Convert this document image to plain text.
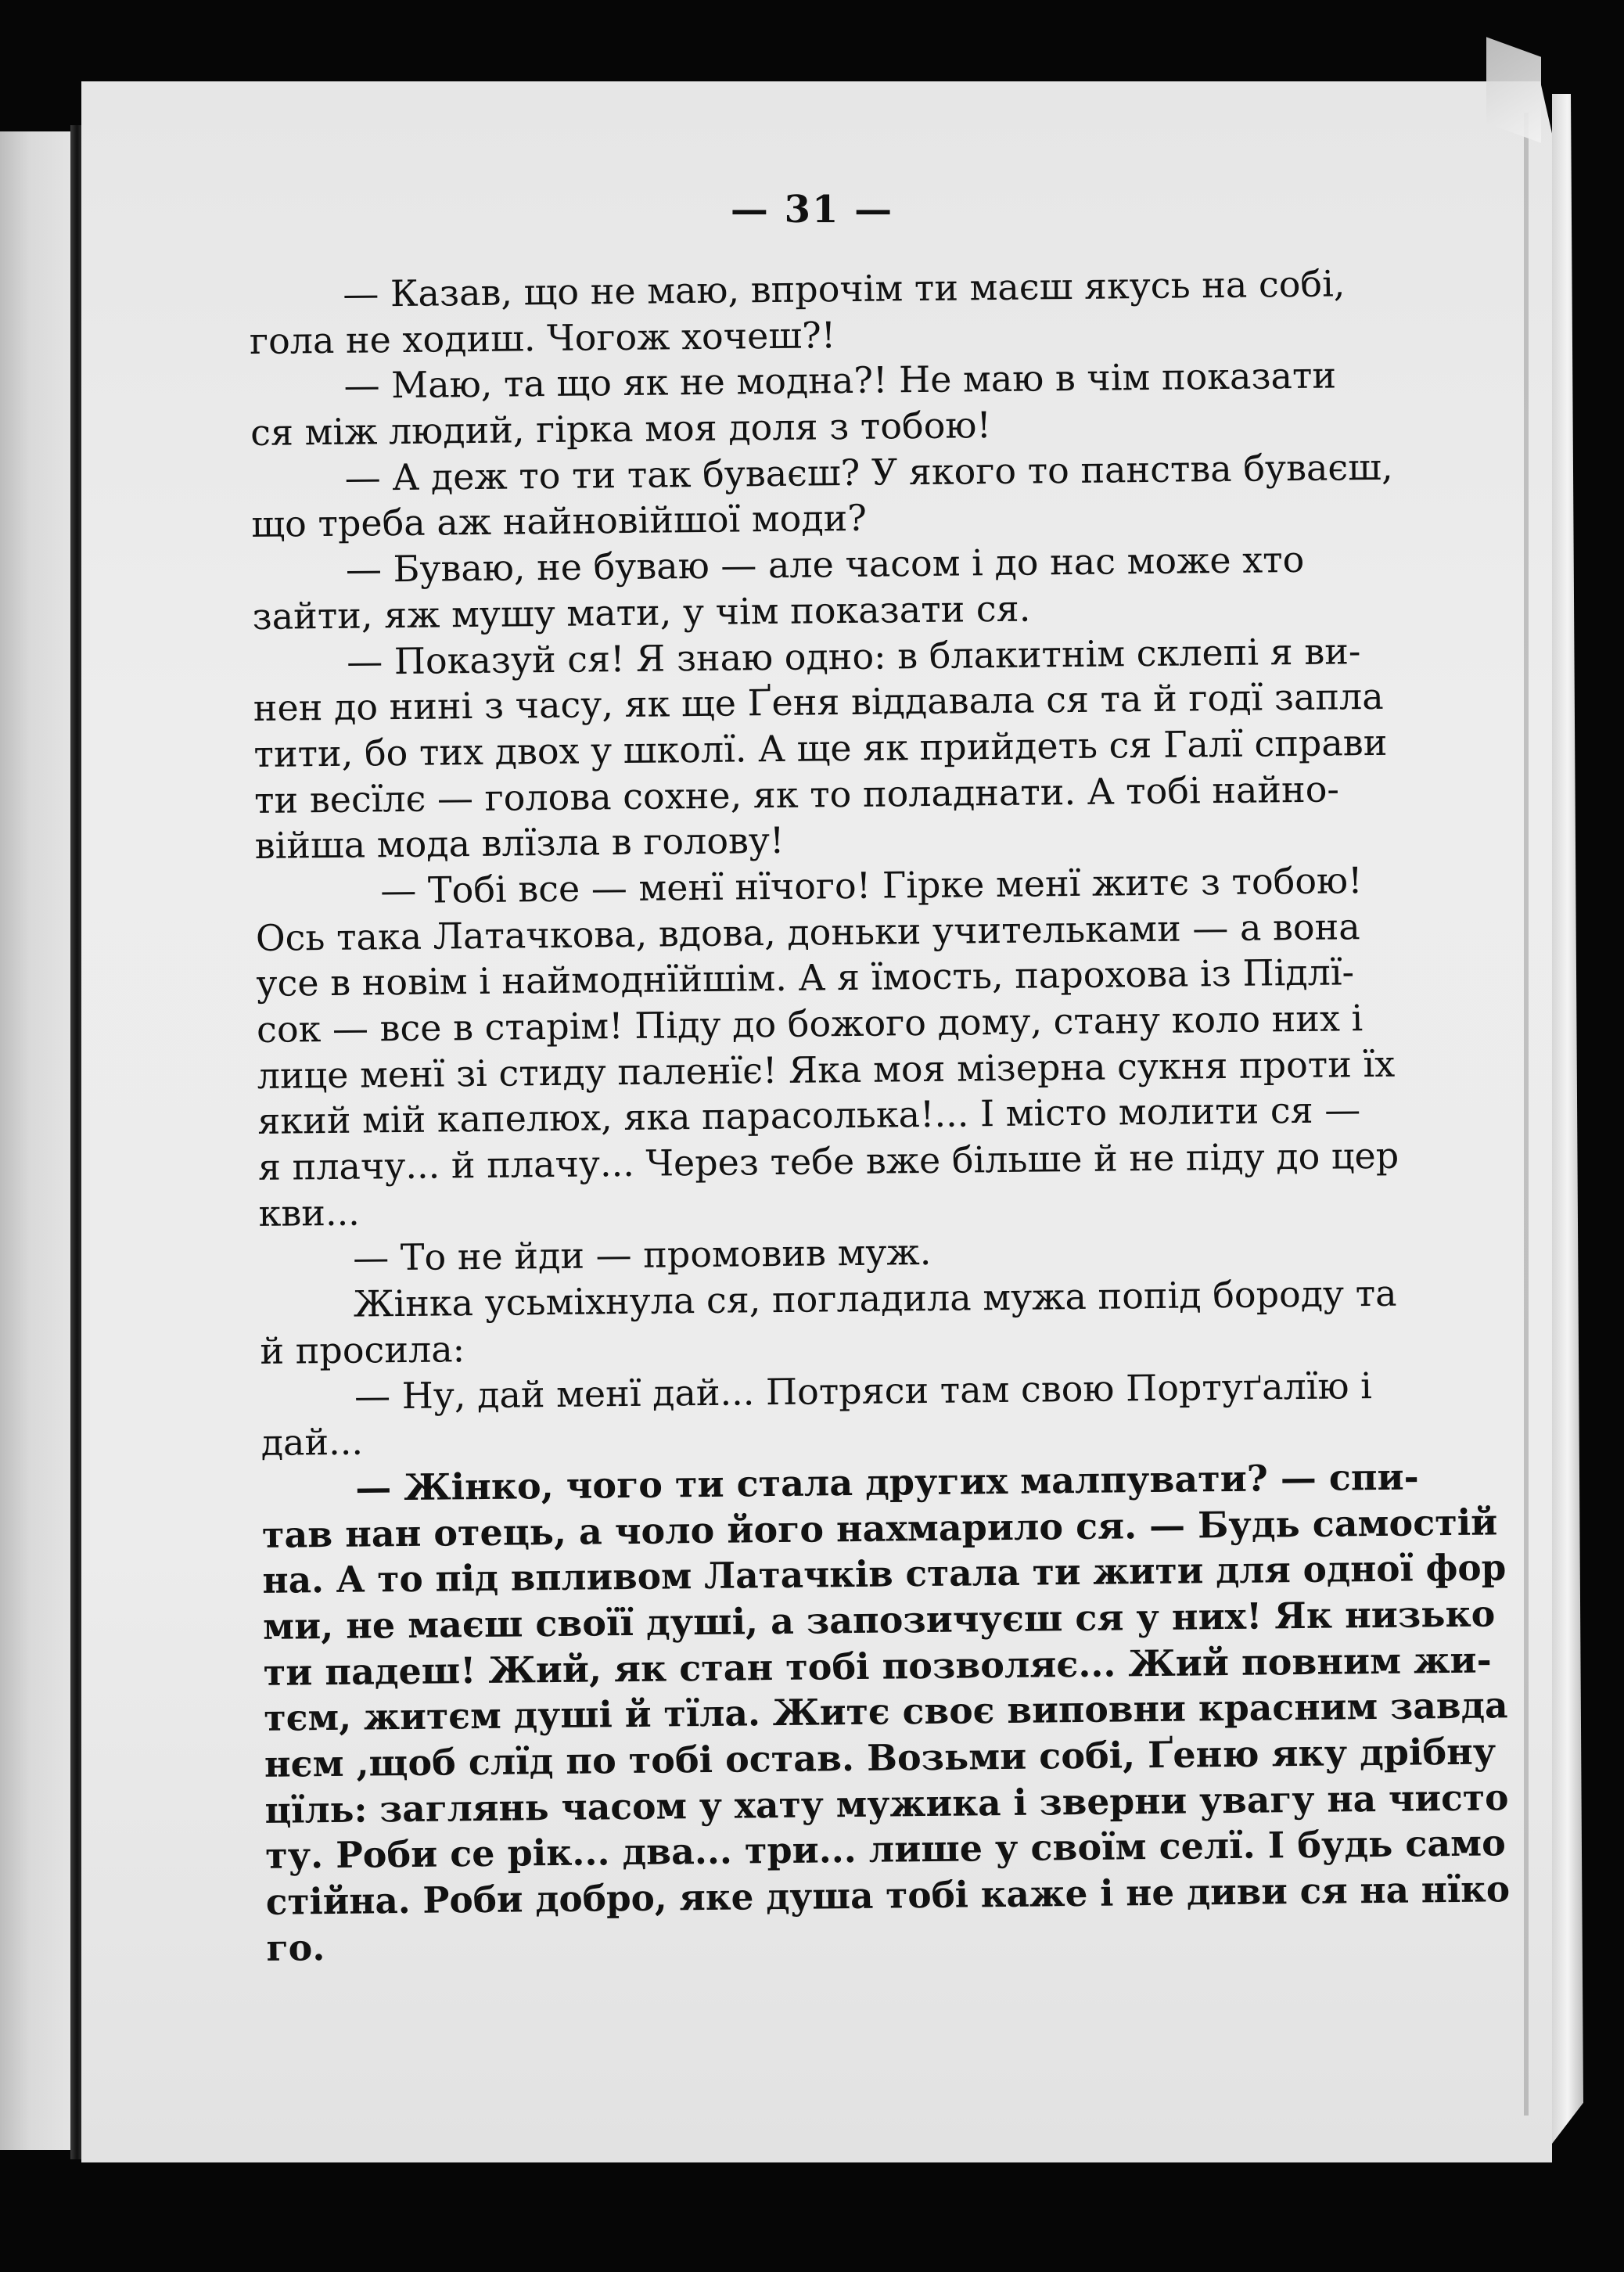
— 31 —
— Казав, що не маю, впрочім ти маєш якусь на собі,
гола не ходиш. Чогож хочеш?!
— Маю, та що як не модна?! Не маю в чім показати
ся між людий, гірка моя доля з тобою!
— А деж то ти так буваєш? У якого то панства буваєш,
що треба аж найновійшої моди?
— Буваю, не буваю — але часом і до нас може хто
зайти, яж мушу мати, у чім показати ся.
— Показуй ся! Я знаю одно: в блакитнім склепі я ви-
нен до нині з часу, як ще Ґеня віддавала ся та й годї запла
тити, бо тих двох у школї. А ще як прийдеть ся Галї справи
ти весїлє — голова сохне, як то поладнати. А тобі найно-
війша мода влїзла в голову!
— Тобі все — менї нїчого! Гірке менї житє з тобою!
Ось така Латачкова, вдова, доньки учительками — а вона
усе в новім і наймоднїйшім. А я їмость, парохова із Підлї-
сок — все в старім! Піду до божого дому, стану коло них і
лице менї зі стиду паленїє! Яка моя мізерна сукня проти їх
який мій капелюх, яка парасолька!... І місто молити ся —
я плачу... й плачу... Через тебе вже більше й не піду до цер
кви...
— То не йди — промовив муж.
Жінка усьміхнула ся, погладила мужа попід бороду та
й просила:
— Ну, дай менї дай... Потряси там свою Портуґалїю і
дай...
— Жінко, чого ти стала других малпувати? — спи-
тав нан отець, а чоло його нахмарило ся. — Будь самостій
на. А то під впливом Латачків стала ти жити для одної фор
ми, не маєш своїї душі, а запозичуєш ся у них! Як низько
ти падеш! Жий, як стан тобі позволяє... Жий повним жи-
тєм, житєм душі й тїла. Житє своє виповни красним завда
нєм ,щоб слїд по тобі остав. Возьми собі, Ґеню яку дрібну
цїль: заглянь часом у хату мужика і зверни увагу на чисто
ту. Роби се рік... два... три... лише у своїм селї. І будь само
стійна. Роби добро, яке душа тобі каже і не диви ся на нїко
го.
